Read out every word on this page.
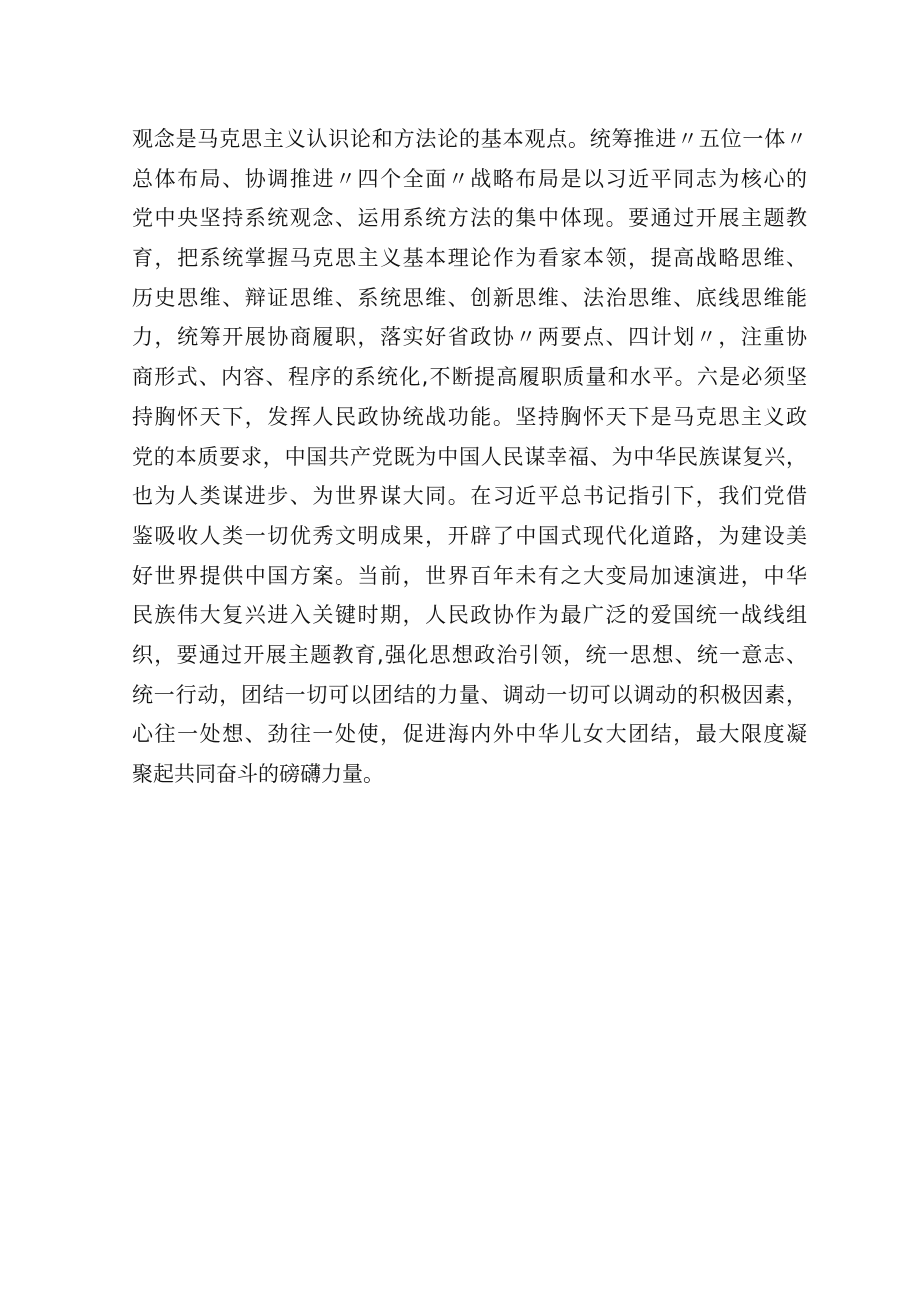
观念是马克思主义认识论和方法论的基本观点。统筹推进〃五位一体〃
总体布局、协调推进〃四个全面〃战略布局是以习近平同志为核心的
党中央坚持系统观念、运用系统方法的集中体现。要通过开展主题教
育，把系统掌握马克思主义基本理论作为看家本领，提高战略思维、
历史思维、辩证思维、系统思维、创新思维、法治思维、底线思维能
力，统筹开展协商履职，落实好省政协〃两要点、四计划〃，注重协
商形式、内容、程序的系统化,不断提高履职质量和水平。六是必须坚
持胸怀天下，发挥人民政协统战功能。坚持胸怀天下是马克思主义政
党的本质要求，中国共产党既为中国人民谋幸福、为中华民族谋复兴，
也为人类谋进步、为世界谋大同。在习近平总书记指引下，我们党借
鉴吸收人类一切优秀文明成果，开辟了中国式现代化道路，为建设美
好世界提供中国方案。当前，世界百年未有之大变局加速演进，中华
民族伟大复兴进入关键时期，人民政协作为最广泛的爱国统一战线组
织，要通过开展主题教育,强化思想政治引领，统一思想、统一意志、
统一行动，团结一切可以团结的力量、调动一切可以调动的积极因素，
心往一处想、劲往一处使，促进海内外中华儿女大团结，最大限度凝
聚起共同奋斗的磅礴力量。
